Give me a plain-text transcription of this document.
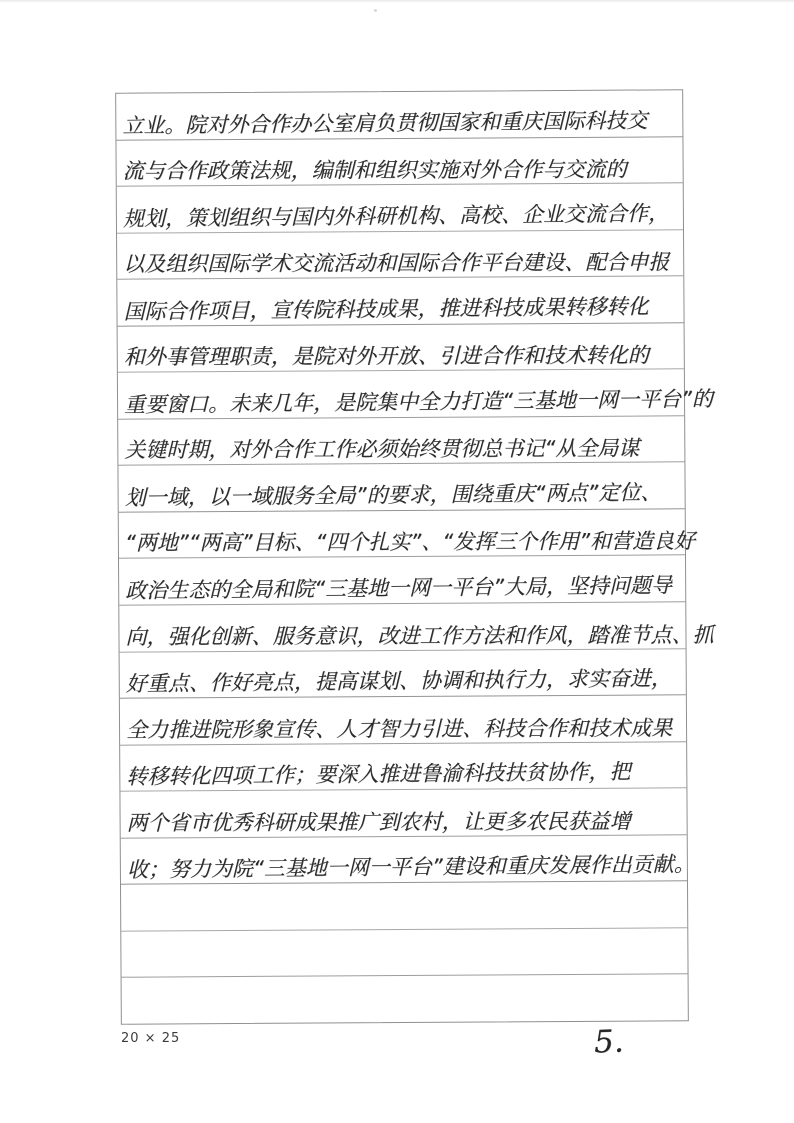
立业。院对外合作办公室肩负贯彻国家和重庆国际科技交
流与合作政策法规，编制和组织实施对外合作与交流的
规划，策划组织与国内外科研机构、高校、企业交流合作，
以及组织国际学术交流活动和国际合作平台建设、配合申报
国际合作项目，宣传院科技成果，推进科技成果转移转化
和外事管理职责，是院对外开放、引进合作和技术转化的
重要窗口。未来几年，是院集中全力打造“三基地一网一平台”的
关键时期，对外合作工作必须始终贯彻总书记“从全局谋
划一域，以一域服务全局”的要求，围绕重庆“两点”定位、
“两地”“两高”目标、“四个扎实”、“发挥三个作用”和营造良好
政治生态的全局和院“三基地一网一平台”大局，坚持问题导
向，强化创新、服务意识，改进工作方法和作风，踏准节点、抓
好重点、作好亮点，提高谋划、协调和执行力，求实奋进，
全力推进院形象宣传、人才智力引进、科技合作和技术成果
转移转化四项工作；要深入推进鲁渝科技扶贫协作，把
两个省市优秀科研成果推广到农村，让更多农民获益增
收；努力为院“三基地一网一平台”建设和重庆发展作出贡献。
20 × 25	5.
